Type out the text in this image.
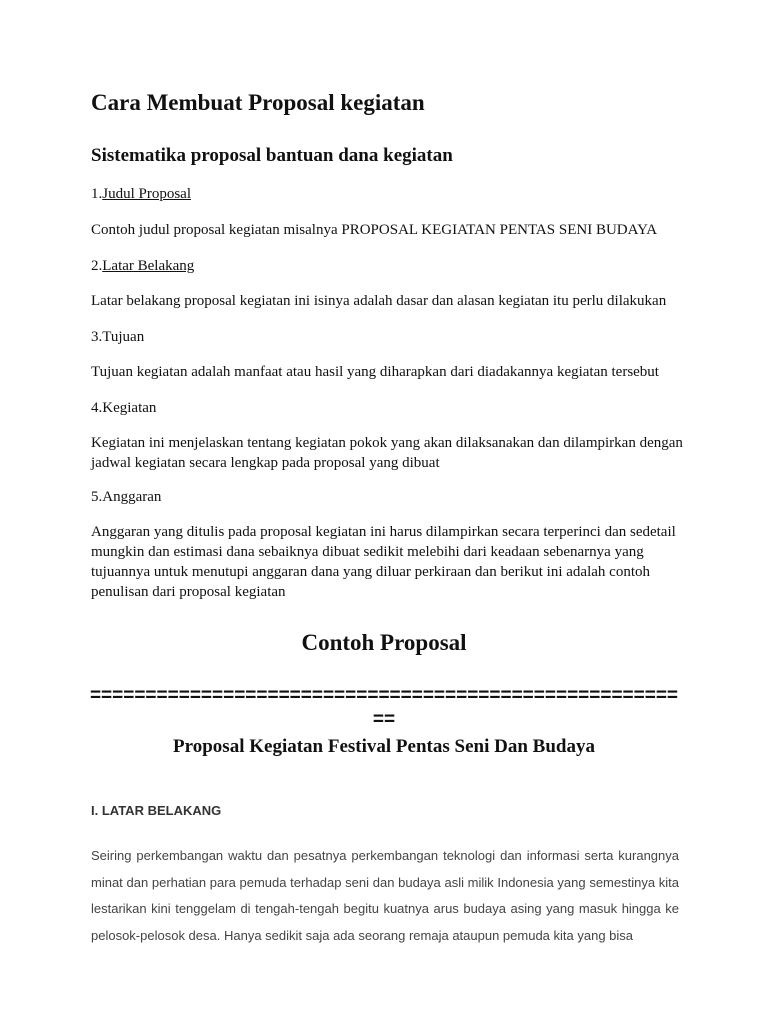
Cara Membuat Proposal kegiatan
Sistematika proposal bantuan dana kegiatan

1.Judul Proposal

Contoh judul proposal kegiatan misalnya PROPOSAL KEGIATAN PENTAS SENI BUDAYA

2.Latar Belakang

Latar belakang proposal kegiatan ini isinya adalah dasar dan alasan kegiatan itu perlu dilakukan

3.Tujuan

Tujuan kegiatan adalah manfaat atau hasil yang diharapkan dari diadakannya kegiatan tersebut

4.Kegiatan

Kegiatan ini menjelaskan tentang kegiatan pokok yang akan dilaksanakan dan dilampirkan dengan jadwal kegiatan secara lengkap pada proposal yang dibuat

5.Anggaran

Anggaran yang ditulis pada proposal kegiatan ini harus dilampirkan secara terperinci dan sedetail mungkin dan estimasi dana sebaiknya dibuat sedikit melebihi dari keadaan sebenarnya yang tujuannya untuk menutupi anggaran dana yang diluar perkiraan dan berikut ini adalah contoh penulisan dari proposal kegiatan

Contoh Proposal
=====================================================
==
Proposal Kegiatan Festival Pentas Seni Dan Budaya
I. LATAR BELAKANG

Seiring perkembangan waktu dan pesatnya perkembangan teknologi dan informasi serta kurangnya minat dan perhatian para pemuda terhadap seni dan budaya asli milik Indonesia yang semestinya kita lestarikan kini tenggelam di tengah-tengah begitu kuatnya arus budaya asing yang masuk hingga ke pelosok-pelosok desa. Hanya sedikit saja ada seorang remaja ataupun pemuda kita yang bisa
